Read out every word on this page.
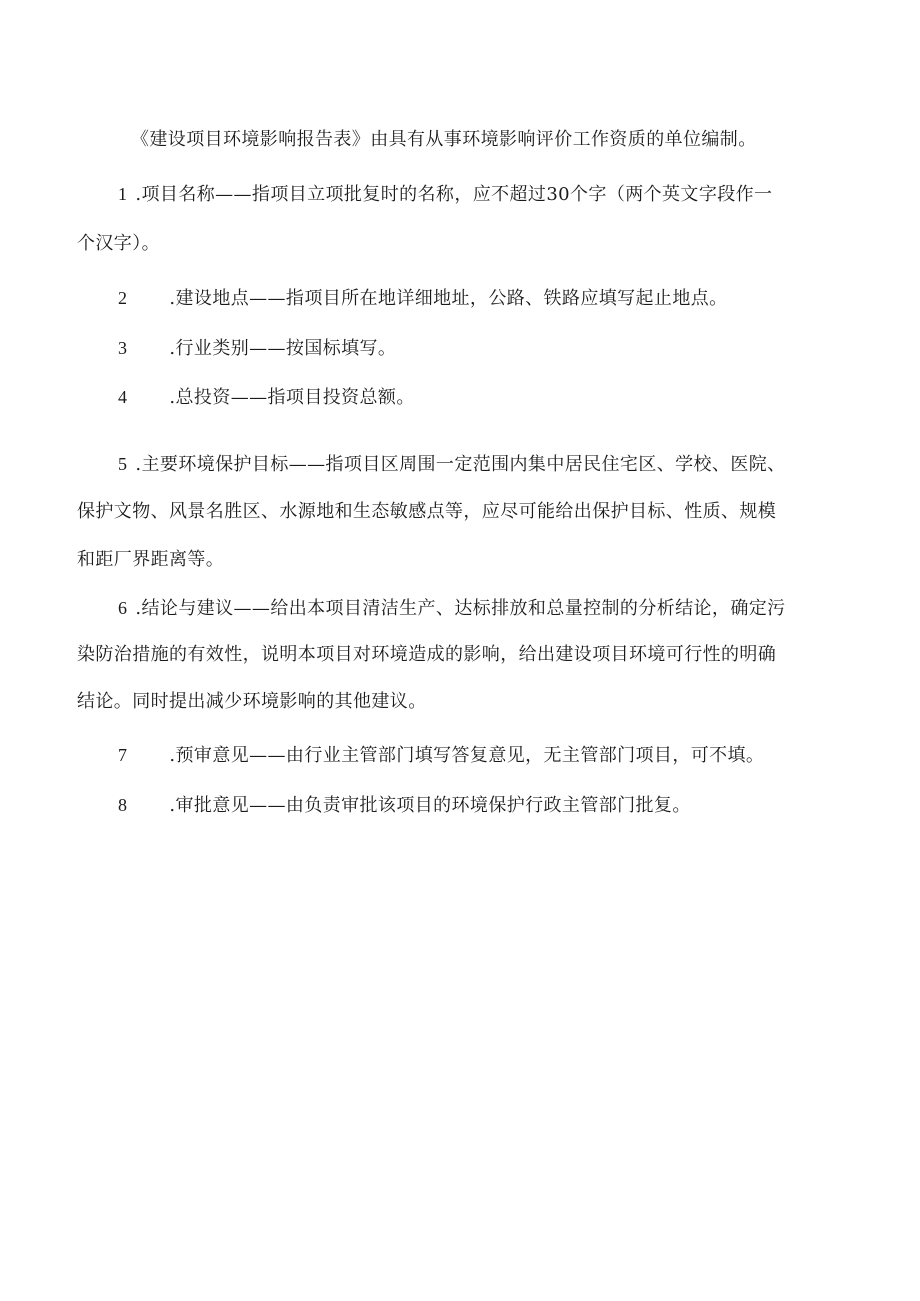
《建设项目环境影响报告表》由具有从事环境影响评价工作资质的单位编制。
1 .项目名称——指项目立项批复时的名称，应不超过30个字（两个英文字段作一
个汉字）。
2 .建设地点——指项目所在地详细地址，公路、铁路应填写起止地点。
3 .行业类别——按国标填写。
4 .总投资——指项目投资总额。
5 .主要环境保护目标——指项目区周围一定范围内集中居民住宅区、学校、医院、
保护文物、风景名胜区、水源地和生态敏感点等，应尽可能给出保护目标、性质、规模
和距厂界距离等。
6 .结论与建议——给出本项目清洁生产、达标排放和总量控制的分析结论，确定污
染防治措施的有效性，说明本项目对环境造成的影响，给出建设项目环境可行性的明确
结论。同时提出减少环境影响的其他建议。
7 .预审意见——由行业主管部门填写答复意见，无主管部门项目，可不填。
8 .审批意见——由负责审批该项目的环境保护行政主管部门批复。
